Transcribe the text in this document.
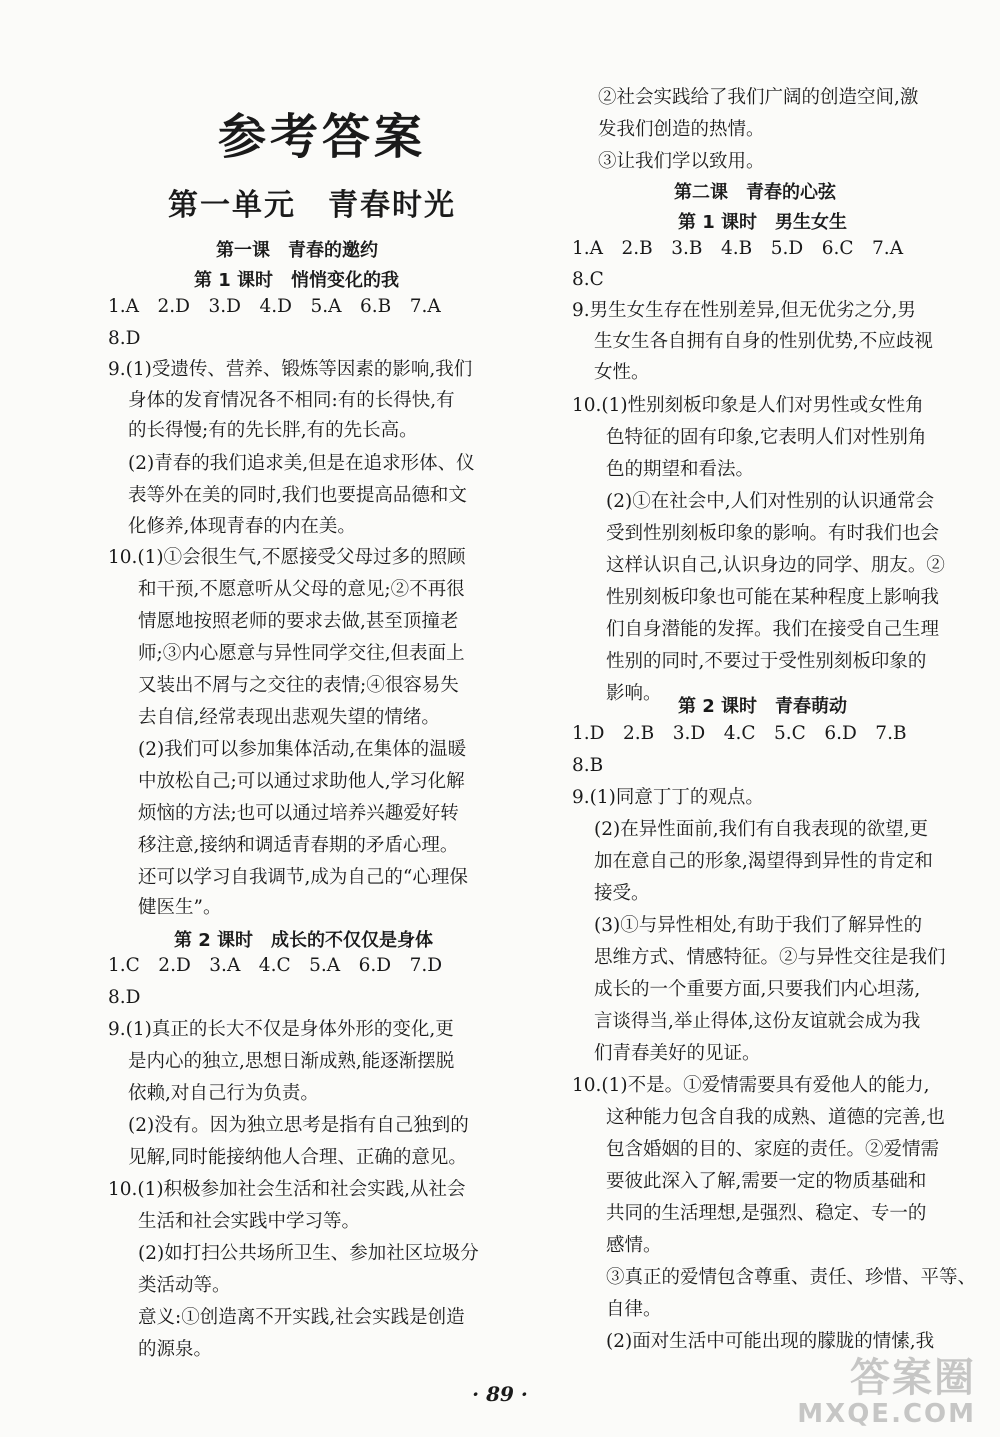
参考答案
第一单元　青春时光
第一课　青春的邀约
第 1 课时　悄悄变化的我
1.A　2.D　3.D　4.D　5.A　6.B　7.A
8.D
9.(1)受遗传、营养、锻炼等因素的影响,我们
身体的发育情况各不相同:有的长得快,有
的长得慢;有的先长胖,有的先长高。
(2)青春的我们追求美,但是在追求形体、仪
表等外在美的同时,我们也要提高品德和文
化修养,体现青春的内在美。
10.(1)①会很生气,不愿接受父母过多的照顾
和干预,不愿意听从父母的意见;②不再很
情愿地按照老师的要求去做,甚至顶撞老
师;③内心愿意与异性同学交往,但表面上
又装出不屑与之交往的表情;④很容易失
去自信,经常表现出悲观失望的情绪。
(2)我们可以参加集体活动,在集体的温暖
中放松自己;可以通过求助他人,学习化解
烦恼的方法;也可以通过培养兴趣爱好转
移注意,接纳和调适青春期的矛盾心理。
还可以学习自我调节,成为自己的“心理保
健医生”。
第 2 课时　成长的不仅仅是身体
1.C　2.D　3.A　4.C　5.A　6.D　7.D
8.D
9.(1)真正的长大不仅是身体外形的变化,更
是内心的独立,思想日渐成熟,能逐渐摆脱
依赖,对自己行为负责。
(2)没有。因为独立思考是指有自己独到的
见解,同时能接纳他人合理、正确的意见。
10.(1)积极参加社会生活和社会实践,从社会
生活和社会实践中学习等。
(2)如打扫公共场所卫生、参加社区垃圾分
类活动等。
意义:①创造离不开实践,社会实践是创造
的源泉。
②社会实践给了我们广阔的创造空间,激
发我们创造的热情。
③让我们学以致用。
第二课　青春的心弦
第 1 课时　男生女生
1.A　2.B　3.B　4.B　5.D　6.C　7.A
8.C
9.男生女生存在性别差异,但无优劣之分,男
生女生各自拥有自身的性别优势,不应歧视
女性。
10.(1)性别刻板印象是人们对男性或女性角
色特征的固有印象,它表明人们对性别角
色的期望和看法。
(2)①在社会中,人们对性别的认识通常会
受到性别刻板印象的影响。有时我们也会
这样认识自己,认识身边的同学、朋友。②
性别刻板印象也可能在某种程度上影响我
们自身潜能的发挥。我们在接受自己生理
性别的同时,不要过于受性别刻板印象的
影响。
第 2 课时　青春萌动
1.D　2.B　3.D　4.C　5.C　6.D　7.B
8.B
9.(1)同意丁丁的观点。
(2)在异性面前,我们有自我表现的欲望,更
加在意自己的形象,渴望得到异性的肯定和
接受。
(3)①与异性相处,有助于我们了解异性的
思维方式、情感特征。②与异性交往是我们
成长的一个重要方面,只要我们内心坦荡,
言谈得当,举止得体,这份友谊就会成为我
们青春美好的见证。
10.(1)不是。①爱情需要具有爱他人的能力,
这种能力包含自我的成熟、道德的完善,也
包含婚姻的目的、家庭的责任。②爱情需
要彼此深入了解,需要一定的物质基础和
共同的生活理想,是强烈、稳定、专一的
感情。
③真正的爱情包含尊重、责任、珍惜、平等、
自律。
(2)面对生活中可能出现的朦胧的情愫,我
· 89 ·	答案圈
MXQE.COM
